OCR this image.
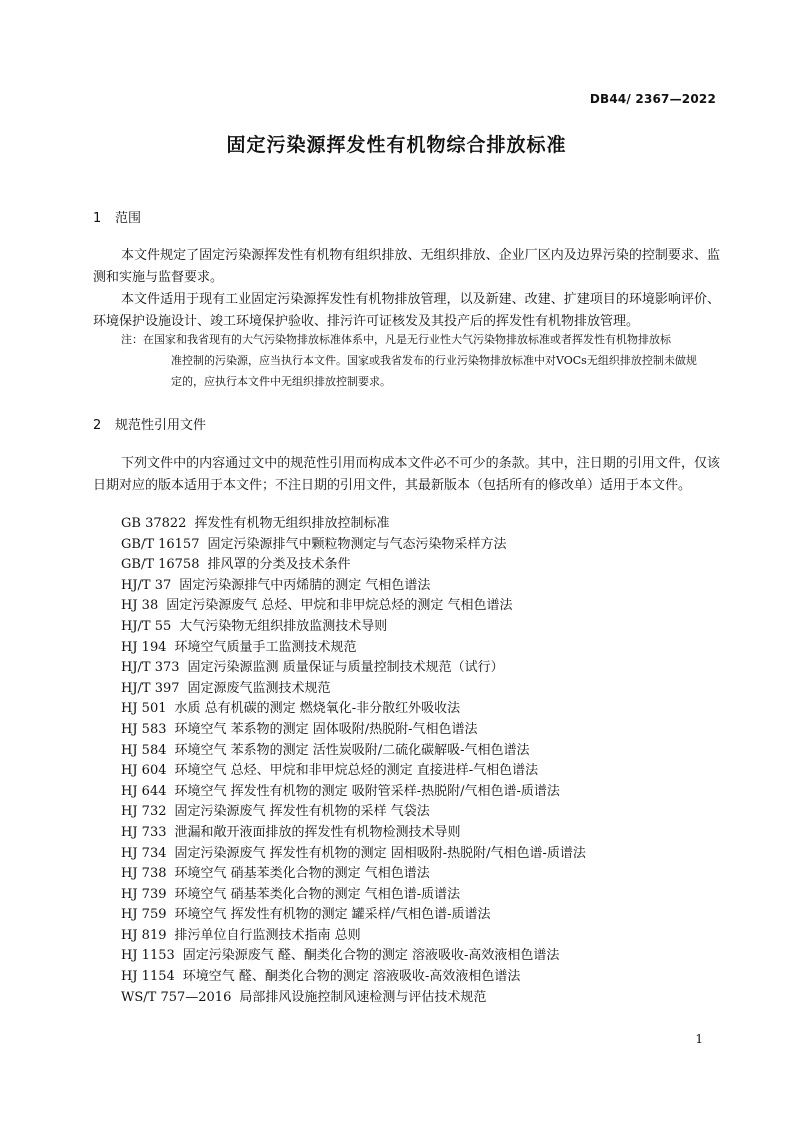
DB44/ 2367—2022
固定污染源挥发性有机物综合排放标准
1 范围
本文件规定了固定污染源挥发性有机物有组织排放、无组织排放、企业厂区内及边界污染的控制要求、监测和实施与监督要求。
本文件适用于现有工业固定污染源挥发性有机物排放管理，以及新建、改建、扩建项目的环境影响评价、环境保护设施设计、竣工环境保护验收、排污许可证核发及其投产后的挥发性有机物排放管理。
注：在国家和我省现有的大气污染物排放标准体系中，凡是无行业性大气污染物排放标准或者挥发性有机物排放标
准控制的污染源，应当执行本文件。国家或我省发布的行业污染物排放标准中对VOCs无组织排放控制未做规
定的，应执行本文件中无组织排放控制要求。
2 规范性引用文件
下列文件中的内容通过文中的规范性引用而构成本文件必不可少的条款。其中，注日期的引用文件，仅该日期对应的版本适用于本文件；不注日期的引用文件，其最新版本（包括所有的修改单）适用于本文件。
GB 37822 挥发性有机物无组织排放控制标准
GB/T 16157 固定污染源排气中颗粒物测定与气态污染物采样方法
GB/T 16758 排风罩的分类及技术条件
HJ/T 37 固定污染源排气中丙烯腈的测定 气相色谱法
HJ 38 固定污染源废气 总烃、甲烷和非甲烷总烃的测定 气相色谱法
HJ/T 55 大气污染物无组织排放监测技术导则
HJ 194 环境空气质量手工监测技术规范
HJ/T 373 固定污染源监测 质量保证与质量控制技术规范（试行）
HJ/T 397 固定源废气监测技术规范
HJ 501 水质 总有机碳的测定 燃烧氧化-非分散红外吸收法
HJ 583 环境空气 苯系物的测定 固体吸附/热脱附-气相色谱法
HJ 584 环境空气 苯系物的测定 活性炭吸附/二硫化碳解吸-气相色谱法
HJ 604 环境空气 总烃、甲烷和非甲烷总烃的测定 直接进样-气相色谱法
HJ 644 环境空气 挥发性有机物的测定 吸附管采样-热脱附/气相色谱-质谱法
HJ 732 固定污染源废气 挥发性有机物的采样 气袋法
HJ 733 泄漏和敞开液面排放的挥发性有机物检测技术导则
HJ 734 固定污染源废气 挥发性有机物的测定 固相吸附-热脱附/气相色谱-质谱法
HJ 738 环境空气 硝基苯类化合物的测定 气相色谱法
HJ 739 环境空气 硝基苯类化合物的测定 气相色谱-质谱法
HJ 759 环境空气 挥发性有机物的测定 罐采样/气相色谱-质谱法
HJ 819 排污单位自行监测技术指南 总则
HJ 1153 固定污染源废气 醛、酮类化合物的测定 溶液吸收-高效液相色谱法
HJ 1154 环境空气 醛、酮类化合物的测定 溶液吸收-高效液相色谱法
WS/T 757—2016 局部排风设施控制风速检测与评估技术规范
1
